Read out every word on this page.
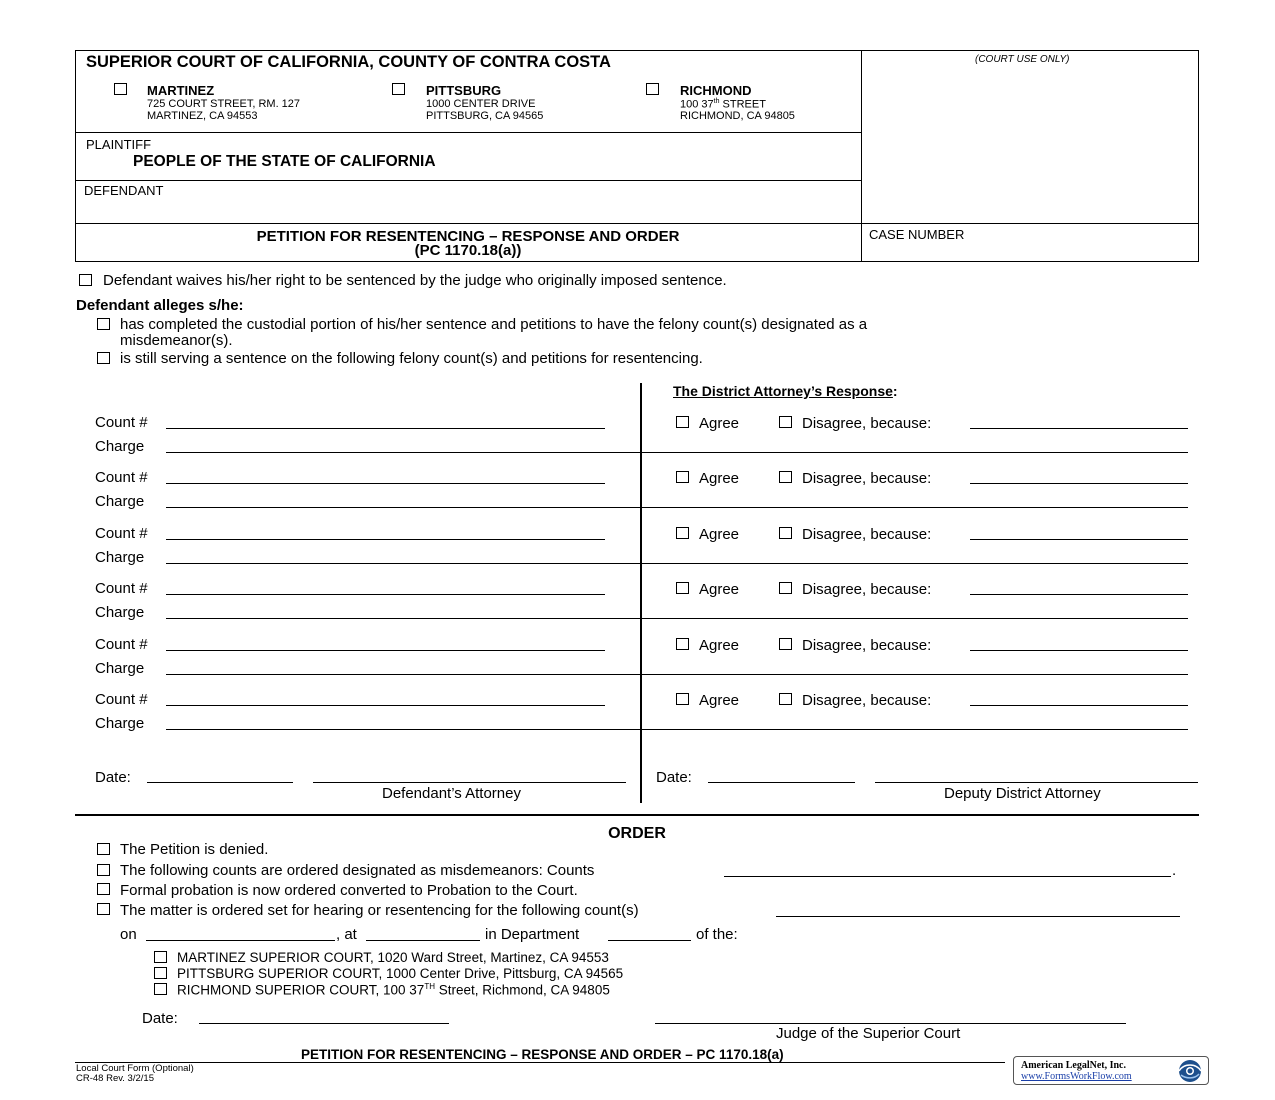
SUPERIOR COURT OF CALIFORNIA, COUNTY OF CONTRA COSTA	(COURT USE ONLY)
MARTINEZ
725 COURT STREET, RM. 127
MARTINEZ, CA 94553
PITTSBURG
1000 CENTER DRIVE
PITTSBURG, CA 94565
RICHMOND
100 37th STREET
RICHMOND, CA 94805
PLAINTIFF
PEOPLE OF THE STATE OF CALIFORNIA
DEFENDANT
PETITION FOR RESENTENCING – RESPONSE AND ORDER
(PC 1170.18(a))
CASE NUMBER
Defendant waives his/her right to be sentenced by the judge who originally imposed sentence.
Defendant alleges s/he:
has completed the custodial portion of his/her sentence and petitions to have the felony count(s) designated as a
misdemeanor(s).
is still serving a sentence on the following felony count(s) and petitions for resentencing.
The District Attorney’s Response:
Count #
Charge
Agree	Disagree, because:
Count #
Charge
Agree	Disagree, because:
Count #
Charge
Agree	Disagree, because:
Count #
Charge
Agree	Disagree, because:
Count #
Charge
Agree	Disagree, because:
Count #
Charge
Agree	Disagree, because:
Date:
Defendant’s Attorney
Date:
Deputy District Attorney
ORDER
The Petition is denied.
The following counts are ordered designated as misdemeanors: Counts	.
Formal probation is now ordered converted to Probation to the Court.
The matter is ordered set for hearing or resentencing for the following count(s)
on	, at	in Department	of the:
MARTINEZ SUPERIOR COURT, 1020 Ward Street, Martinez, CA 94553
PITTSBURG SUPERIOR COURT, 1000 Center Drive, Pittsburg, CA 94565
RICHMOND SUPERIOR COURT, 100 37TH Street, Richmond, CA 94805
Date:
Judge of the Superior Court
PETITION FOR RESENTENCING – RESPONSE AND ORDER – PC 1170.18(a)
Local Court Form (Optional)
CR-48 Rev. 3/2/15
American LegalNet, Inc.
www.FormsWorkFlow.com
